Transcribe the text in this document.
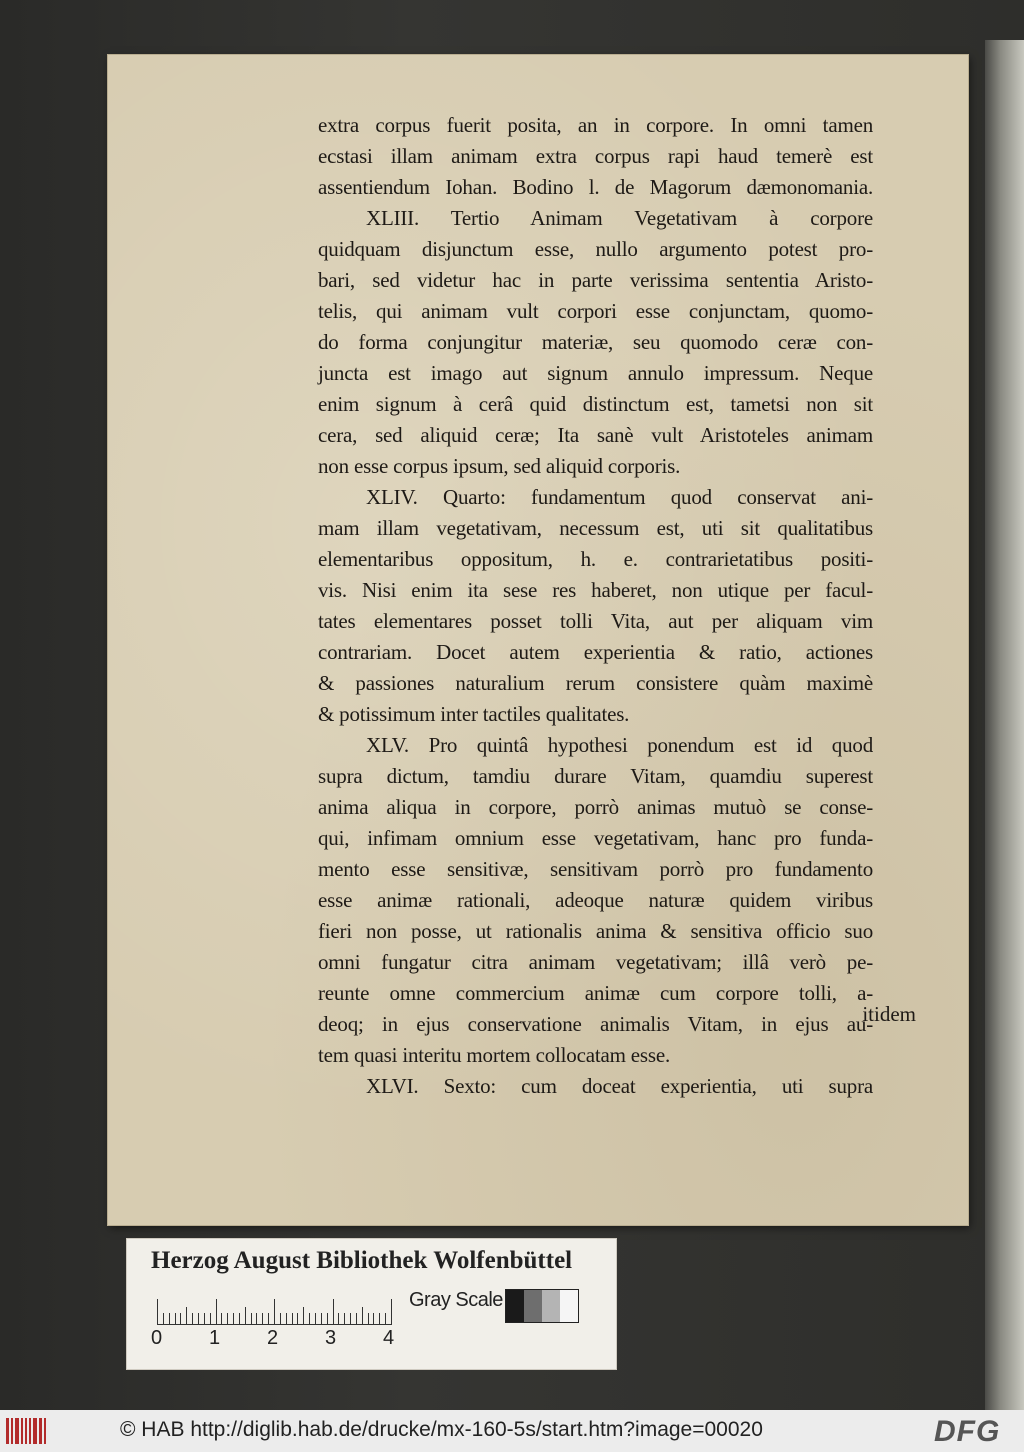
extra corpus fuerit posita, an in corpore. In omni tamen
ecstasi illam animam extra corpus rapi haud temerè est
assentiendum Iohan. Bodino l. de Magorum dæmonomania.
XLIII. Tertio Animam Vegetativam à corpore
quidquam disjunctum esse, nullo argumento potest pro-
bari, sed videtur hac in parte verissima sententia Aristo-
telis, qui animam vult corpori esse conjunctam, quomo-
do forma conjungitur materiæ, seu quomodo ceræ con-
juncta est imago aut signum annulo impressum. Neque
enim signum à cerâ quid distinctum est, tametsi non sit
cera, sed aliquid ceræ; Ita sanè vult Aristoteles animam
non esse corpus ipsum, sed aliquid corporis.
XLIV. Quarto: fundamentum quod conservat ani-
mam illam vegetativam, necessum est, uti sit qualitatibus
elementaribus oppositum, h. e. contrarietatibus positi-
vis. Nisi enim ita sese res haberet, non utique per facul-
tates elementares posset tolli Vita, aut per aliquam vim
contrariam. Docet autem experientia & ratio, actiones
& passiones naturalium rerum consistere quàm maximè
& potissimum inter tactiles qualitates.
XLV. Pro quintâ hypothesi ponendum est id quod
supra dictum, tamdiu durare Vitam, quamdiu superest
anima aliqua in corpore, porrò animas mutuò se conse-
qui, infimam omnium esse vegetativam, hanc pro funda-
mento esse sensitivæ, sensitivam porrò pro fundamento
esse animæ rationali, adeoque naturæ quidem viribus
fieri non posse, ut rationalis anima & sensitiva officio suo
omni fungatur citra animam vegetativam; illâ verò pe-
reunte omne commercium animæ cum corpore tolli, a-
deoq; in ejus conservatione animalis Vitam, in ejus au-
tem quasi interitu mortem collocatam esse.
XLVI. Sexto: cum doceat experientia, uti supra
itidem
Herzog August Bibliothek Wolfenbüttel
0 1 2 3 4
Gray Scale
© HAB http://diglib.hab.de/drucke/mx-160-5s/start.htm?image=00020	DFG
